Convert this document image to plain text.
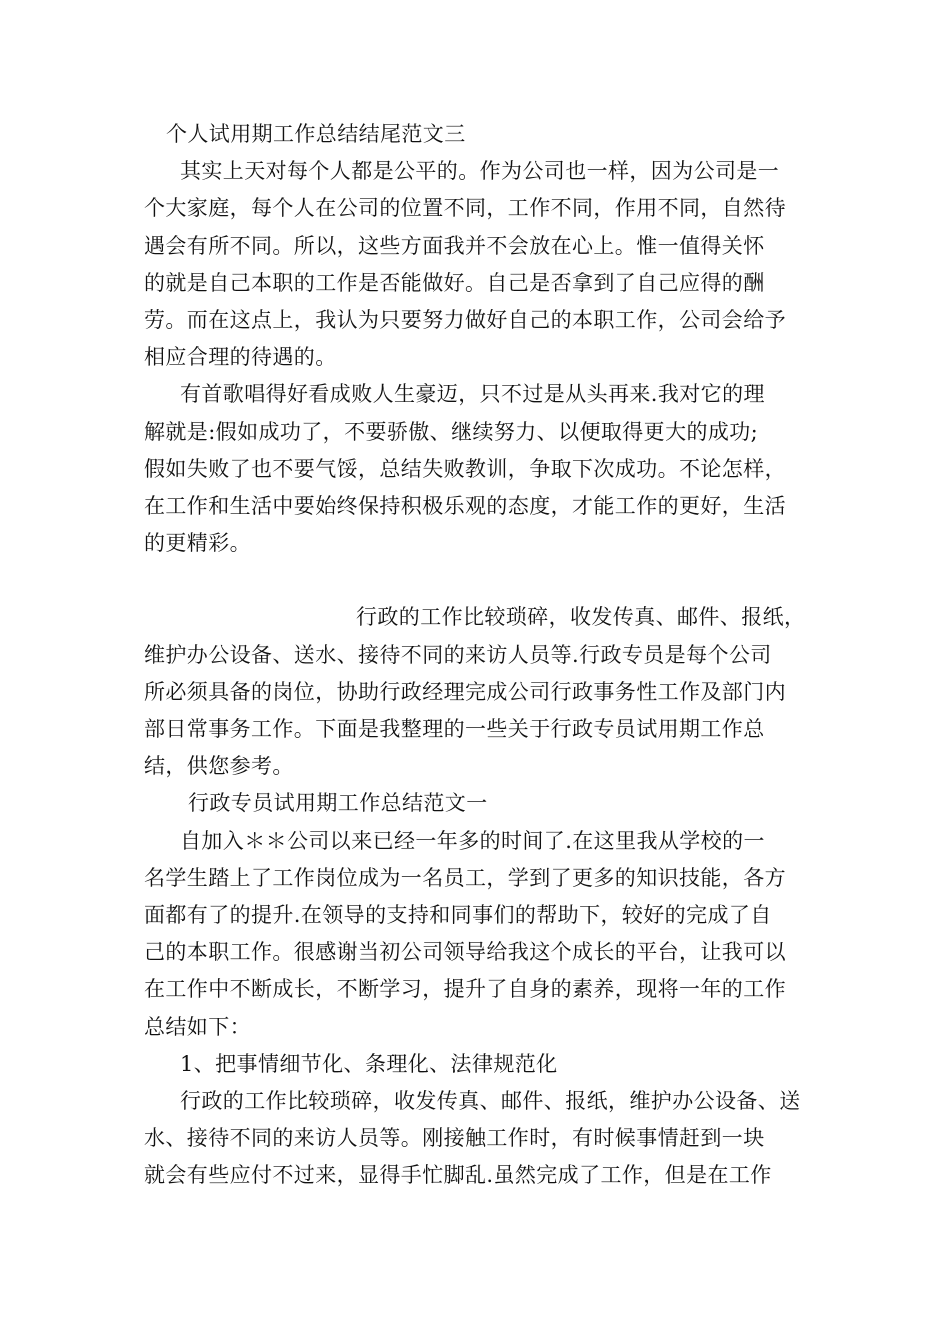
个人试用期工作总结结尾范文三
其实上天对每个人都是公平的。作为公司也一样，因为公司是一
个大家庭，每个人在公司的位置不同，工作不同，作用不同，自然待
遇会有所不同。所以，这些方面我并不会放在心上。惟一值得关怀
的就是自己本职的工作是否能做好。自己是否拿到了自己应得的酬
劳。而在这点上，我认为只要努力做好自己的本职工作，公司会给予
相应合理的待遇的。
有首歌唱得好看成败人生豪迈，只不过是从头再来.我对它的理
解就是:假如成功了，不要骄傲、继续努力、以便取得更大的成功;
假如失败了也不要气馁，总结失败教训，争取下次成功。不论怎样，
在工作和生活中要始终保持积极乐观的态度，才能工作的更好，生活
的更精彩。
行政的工作比较琐碎，收发传真、邮件、报纸，
维护办公设备、送水、接待不同的来访人员等.行政专员是每个公司
所必须具备的岗位，协助行政经理完成公司行政事务性工作及部门内
部日常事务工作。下面是我整理的一些关于行政专员试用期工作总
结，供您参考。
行政专员试用期工作总结范文一
自加入＊＊公司以来已经一年多的时间了.在这里我从学校的一
名学生踏上了工作岗位成为一名员工，学到了更多的知识技能，各方
面都有了的提升.在领导的支持和同事们的帮助下，较好的完成了自
己的本职工作。很感谢当初公司领导给我这个成长的平台，让我可以
在工作中不断成长，不断学习，提升了自身的素养，现将一年的工作
总结如下：
1、把事情细节化、条理化、法律规范化
行政的工作比较琐碎，收发传真、邮件、报纸，维护办公设备、送
水、接待不同的来访人员等。刚接触工作时，有时候事情赶到一块
就会有些应付不过来，显得手忙脚乱.虽然完成了工作，但是在工作
